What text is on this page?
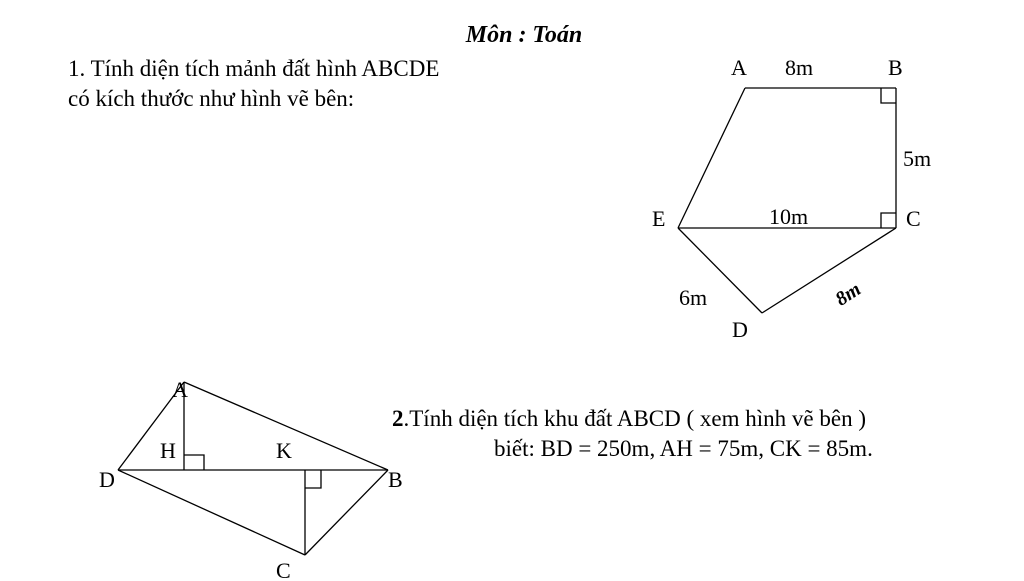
Môn : Toán
1. Tính diện tích mảnh đất hình ABCDE
có kích thước như hình vẽ bên:
2.Tính diện tích khu đất ABCD ( xem hình vẽ bên )
biết: BD = 250m, AH = 75m, CK = 85m.
A	B
C
E
D
8m
5m
10m
6m	8m
A
H	K
D	B
C
